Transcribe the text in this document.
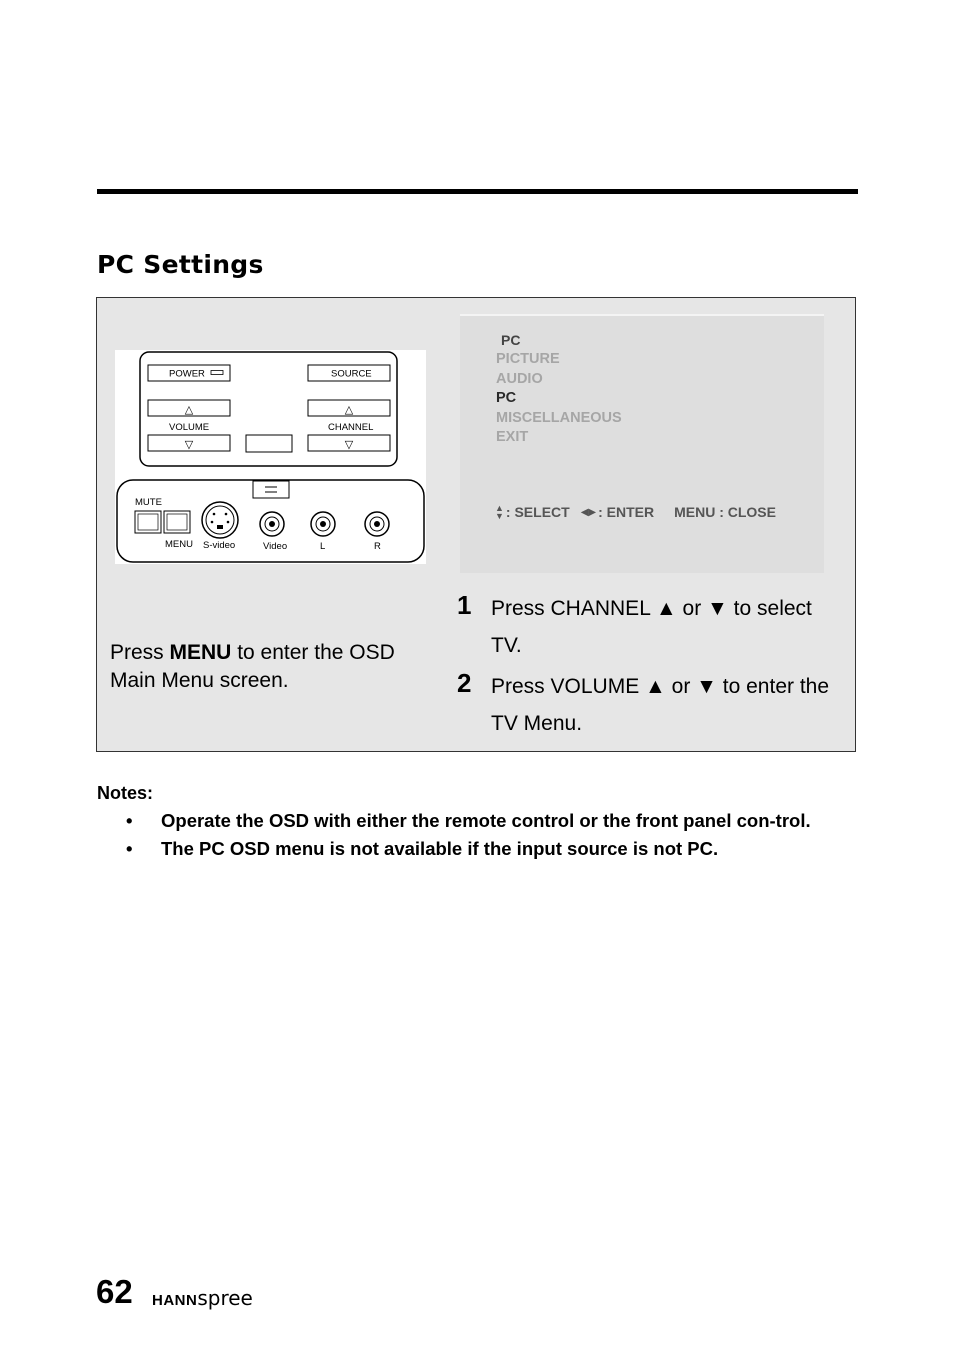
PC Settings
POWER	SOURCE
△
VOLUME
▽
△
CHANNEL
▽
MUTE
MENU S-video	Video	L	R
PC
PICTURE
AUDIO
PC
MISCELLANEOUS
EXIT
▲
▼ : SELECT ◀▶ : ENTER MENU : CLOSE
Press MENU to enter the OSD Main Menu screen.
1 Press CHANNEL ▲ or ▼ to select TV.
2 Press VOLUME ▲ or ▼ to enter the TV Menu.
Notes:
• Operate the OSD with either the remote control or the front panel con-trol.
• The PC OSD menu is not available if the input source is not PC.
62 HANNspree
